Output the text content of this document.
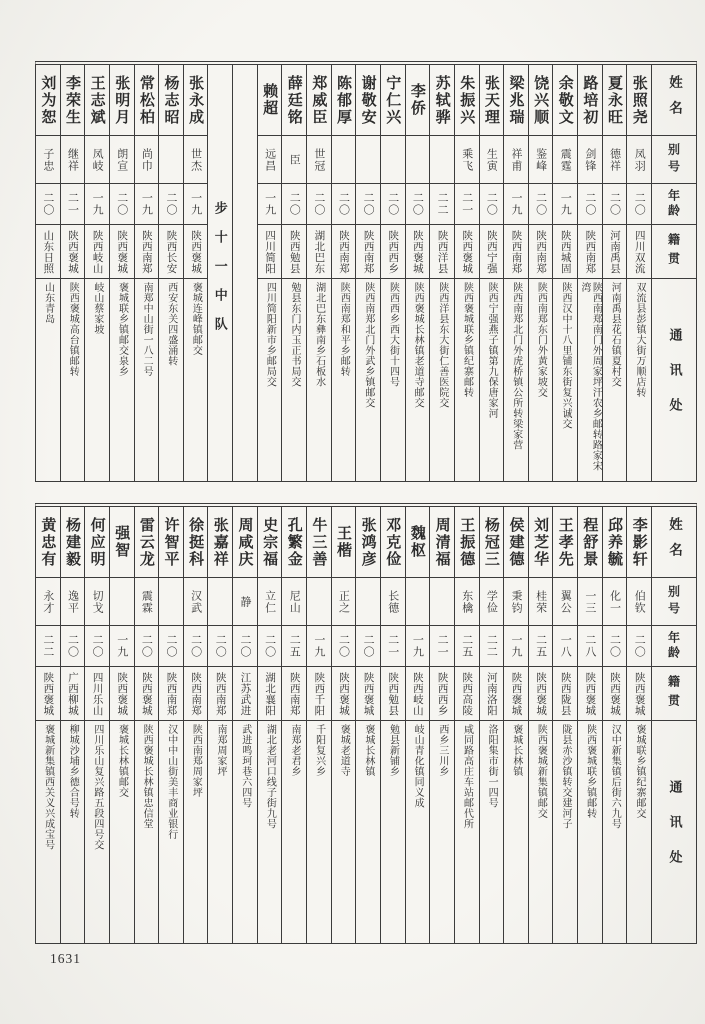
姓名
别号
年龄
籍贯
通讯处
张照尧
凤羽
二〇
四川双流
双流县彭镇大街万顺店转
夏永旺
德祥
二〇
河南禹县
河南禹县花石镇夏村交
路培初
剑锋
二〇
陕西南郑
陕西南郑南门外周家坪汗农乡邮转路家宋湾
余敬文
震霆
一九
陕西城固
陕西汉中十八里铺东街复兴诚交
饶兴顺
鉴峰
二〇
陕西南郑
陕西南郑东门外黄家坡交
梁兆瑞
祥甫
一九
陕西南郑
陕西南郑北门外虎桥镇公所转梁家营
张天理
生寅
二〇
陕西宁强
陕西宁强燕子镇第九保唐家河
朱振兴
乘飞
二一
陕西褒城
陕西褒城联乡镇纪寨邮转
苏轼骅
二二
陕西洋县
陕西洋县东大街仁善医院交
李侨
二〇
陕西褒城
陕西褒城长林镇老道寺邮交
宁仁兴
二〇
陕西西乡
陕西西乡西大街十四号
谢敬安
二〇
陕西南郑
陕西南郑北门外武乡镇邮交
陈郁厚
二〇
陕西南郑
陕西南郑和平乡邮转
郑威臣
世冠
二〇
湖北巴东
湖北巴东彝南乡石板水
薛廷铭
臣
二〇
陕西勉县
勉县东门内玉正书局交
赖超
远昌
一九
四川简阳
四川简阳新市乡邮局交
步十一中队
张永成
世杰
一九
陕西褒城
褒城连峰镇邮交
杨志昭
二〇
陕西长安
西安东关四盛涌转
常松柏
尚巾
一九
陕西南郑
南郑中山街一八二号
张明月
朗宣
二〇
陕西褒城
褒城联乡镇邮交泉乡
王志斌
凤岐
一九
陕西岐山
岐山蔡家坡
李荣生
继祥
二一
陕西褒城
陕西褒城高台镇邮转
刘为恕
子忠
二〇
山东日照
山东青岛
姓名
别号
年龄
籍贯
通讯处
李影轩
伯钦
二〇
陕西褒城
褒城联乡镇纪寨邮交
邱养毓
化一
二〇
陕西褒城
汉中新集镇后街六九号
程舒景
一三
二八
陕西褒城
陕西褒城联乡镇邮转
王孝先
翼公
一八
陕西陇县
陇县赤沙镇转交建河子
刘芝华
桂荣
二五
陕西褒城
陕西褒城新集镇邮交
侯建德
秉钧
一九
陕西褒城
褒城长林镇
杨冠三
学俭
二二
河南洛阳
洛阳集市街一四号
王振德
东檎
二五
陕西高陵
咸同路高庄车站邮代所
周清福
二一
陕西西乡
西乡三川乡
魏枢
一九
陕西岐山
岐山青化镇同义成
邓克俭
长德
二一
陕西勉县
勉县新铺乡
张鸿彦
二〇
陕西褒城
褒城长林镇
王楷
正之
二〇
陕西褒城
褒城老道寺
牛三善
一九
陕西千阳
千阳复兴乡
孔繁金
尼山
二五
陕西南郑
南郑老君乡
史宗福
立仁
二〇
湖北襄阳
湖北老河口线子街九号
周咸庆
静
二〇
江苏武进
武进鸣珂巷六四号
张嘉祥
二〇
陕西南郑
南郑周家坪
徐挺科
汉武
二〇
陕西南郑
陕西南郑周家坪
许智平
二〇
陕西南郑
汉中中山街美丰商业银行
雷云龙
震霖
二〇
陕西褒城
陕西褒城长林镇忠信堂
强智
一九
陕西褒城
褒城长林镇邮交
何应明
切戈
二〇
四川乐山
四川乐山复兴路五段四号交
杨建毅
逸平
二〇
广西柳城
柳城沙埔乡德合号转
黄忠有
永才
二二
陕西褒城
褒城新集镇西关义兴成宝号
1631
